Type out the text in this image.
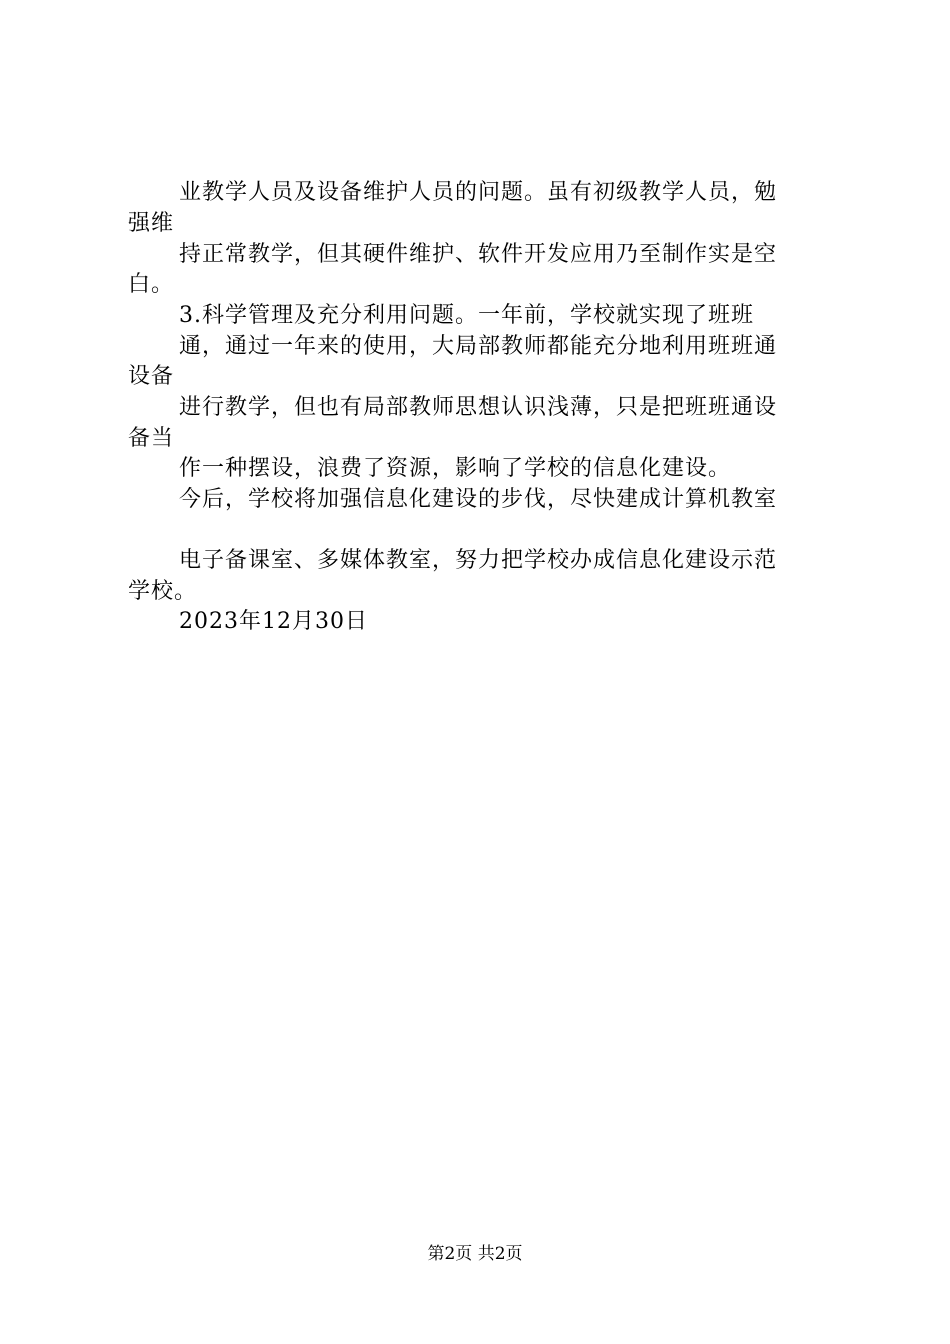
业教学人员及设备维护人员的问题。虽有初级教学人员，勉
强维
持正常教学，但其硬件维护、软件开发应用乃至制作实是空
白。
3.科学管理及充分利用问题。一年前，学校就实现了班班
通，通过一年来的使用，大局部教师都能充分地利用班班通
设备
进行教学，但也有局部教师思想认识浅薄，只是把班班通设
备当
作一种摆设，浪费了资源，影响了学校的信息化建设。
今后，学校将加强信息化建设的步伐，尽快建成计算机教室
电子备课室、多媒体教室，努力把学校办成信息化建设示范
学校。
2023年12月30日
第2页 共2页
